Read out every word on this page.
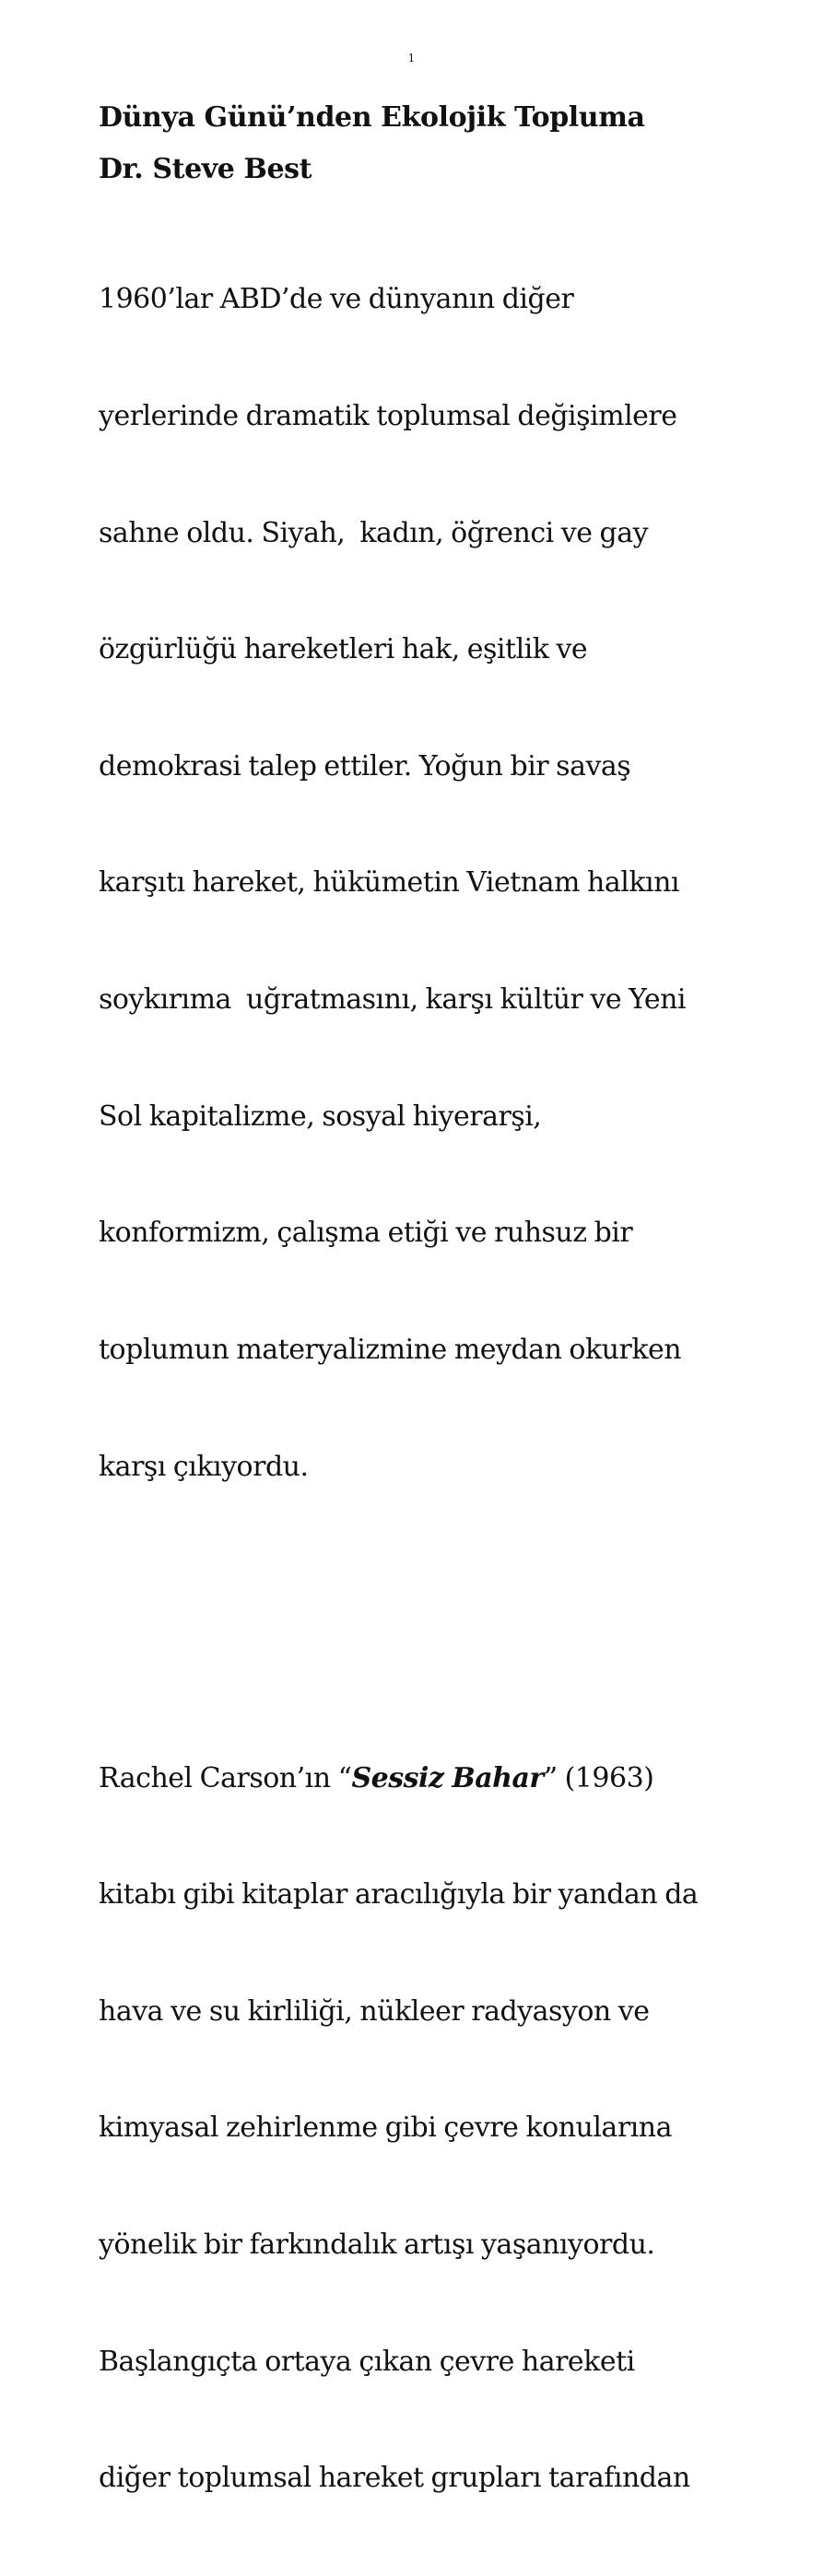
1
Dünya Günü’nden Ekolojik Topluma
Dr. Steve Best

1960’lar ABD’de ve dünyanın diğer

yerlerinde dramatik toplumsal değişimlere

sahne oldu. Siyah,  kadın, öğrenci ve gay

özgürlüğü hareketleri hak, eşitlik ve

demokrasi talep ettiler. Yoğun bir savaş

karşıtı hareket, hükümetin Vietnam halkını

soykırıma  uğratmasını, karşı kültür ve Yeni

Sol kapitalizme, sosyal hiyerarşi,

konformizm, çalışma etiği ve ruhsuz bir

toplumun materyalizmine meydan okurken

karşı çıkıyordu.

Rachel Carson’ın “Sessiz Bahar” (1963)

kitabı gibi kitaplar aracılığıyla bir yandan da

hava ve su kirliliği, nükleer radyasyon ve

kimyasal zehirlenme gibi çevre konularına

yönelik bir farkındalık artışı yaşanıyordu.

Başlangıçta ortaya çıkan çevre hareketi

diğer toplumsal hareket grupları tarafından
